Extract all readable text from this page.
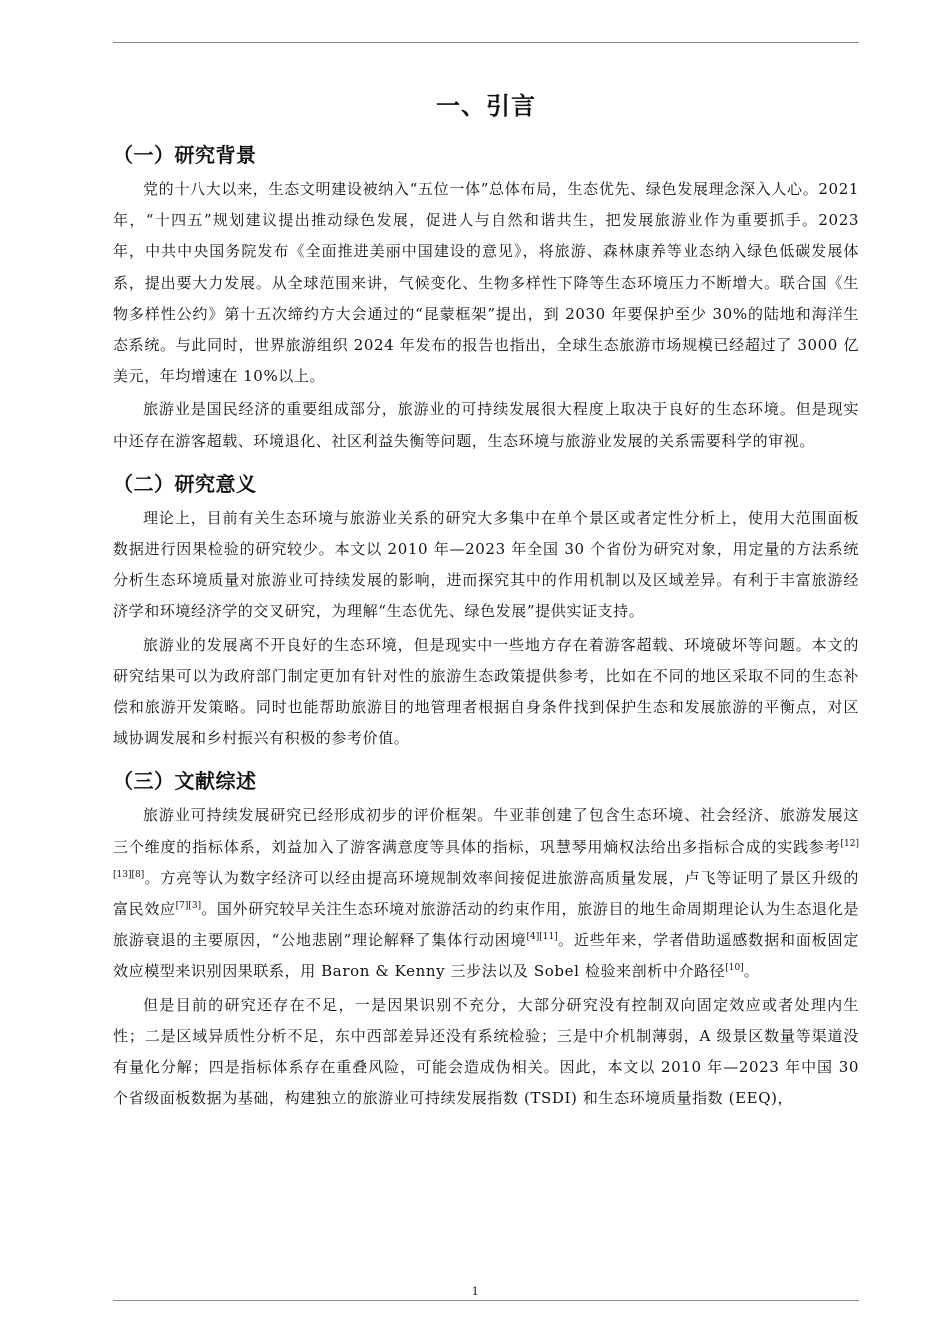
一、引言
（一）研究背景

党的十八大以来，生态文明建设被纳入“五位一体”总体布局，生态优先、绿色发展理念深入人心。2021 年，“十四五”规划建议提出推动绿色发展，促进人与自然和谐共生，把发展旅游业作为重要抓手。2023 年，中共中央国务院发布《全面推进美丽中国建设的意见》，将旅游、森林康养等业态纳入绿色低碳发展体系，提出要大力发展。从全球范围来讲，气候变化、生物多样性下降等生态环境压力不断增大。联合国《生物多样性公约》第十五次缔约方大会通过的“昆蒙框架”提出，到 2030 年要保护至少 30%的陆地和海洋生态系统。与此同时，世界旅游组织 2024 年发布的报告也指出，全球生态旅游市场规模已经超过了 3000 亿美元，年均增速在 10%以上。

旅游业是国民经济的重要组成部分，旅游业的可持续发展很大程度上取决于良好的生态环境。但是现实中还存在游客超载、环境退化、社区利益失衡等问题，生态环境与旅游业发展的关系需要科学的审视。

（二）研究意义

理论上，目前有关生态环境与旅游业关系的研究大多集中在单个景区或者定性分析上，使用大范围面板数据进行因果检验的研究较少。本文以 2010 年—2023 年全国 30 个省份为研究对象，用定量的方法系统分析生态环境质量对旅游业可持续发展的影响，进而探究其中的作用机制以及区域差异。有利于丰富旅游经济学和环境经济学的交叉研究，为理解“生态优先、绿色发展”提供实证支持。

旅游业的发展离不开良好的生态环境，但是现实中一些地方存在着游客超载、环境破坏等问题。本文的研究结果可以为政府部门制定更加有针对性的旅游生态政策提供参考，比如在不同的地区采取不同的生态补偿和旅游开发策略。同时也能帮助旅游目的地管理者根据自身条件找到保护生态和发展旅游的平衡点，对区域协调发展和乡村振兴有积极的参考价值。

（三）文献综述

旅游业可持续发展研究已经形成初步的评价框架。牛亚菲创建了包含生态环境、社会经济、旅游发展这三个维度的指标体系，刘益加入了游客满意度等具体的指标，巩慧琴用熵权法给出多指标合成的实践参考[12][13][8]。方亮等认为数字经济可以经由提高环境规制效率间接促进旅游高质量发展，卢飞等证明了景区升级的富民效应[7][3]。国外研究较早关注生态环境对旅游活动的约束作用，旅游目的地生命周期理论认为生态退化是旅游衰退的主要原因，“公地悲剧”理论解释了集体行动困境[4][11]。近些年来，学者借助遥感数据和面板固定效应模型来识别因果联系，用 Baron & Kenny 三步法以及 Sobel 检验来剖析中介路径[10]。

但是目前的研究还存在不足，一是因果识别不充分，大部分研究没有控制双向固定效应或者处理内生性；二是区域异质性分析不足，东中西部差异还没有系统检验；三是中介机制薄弱，A 级景区数量等渠道没有量化分解；四是指标体系存在重叠风险，可能会造成伪相关。因此，本文以 2010 年—2023 年中国 30 个省级面板数据为基础，构建独立的旅游业可持续发展指数 (TSDI) 和生态环境质量指数 (EEQ)，

1
